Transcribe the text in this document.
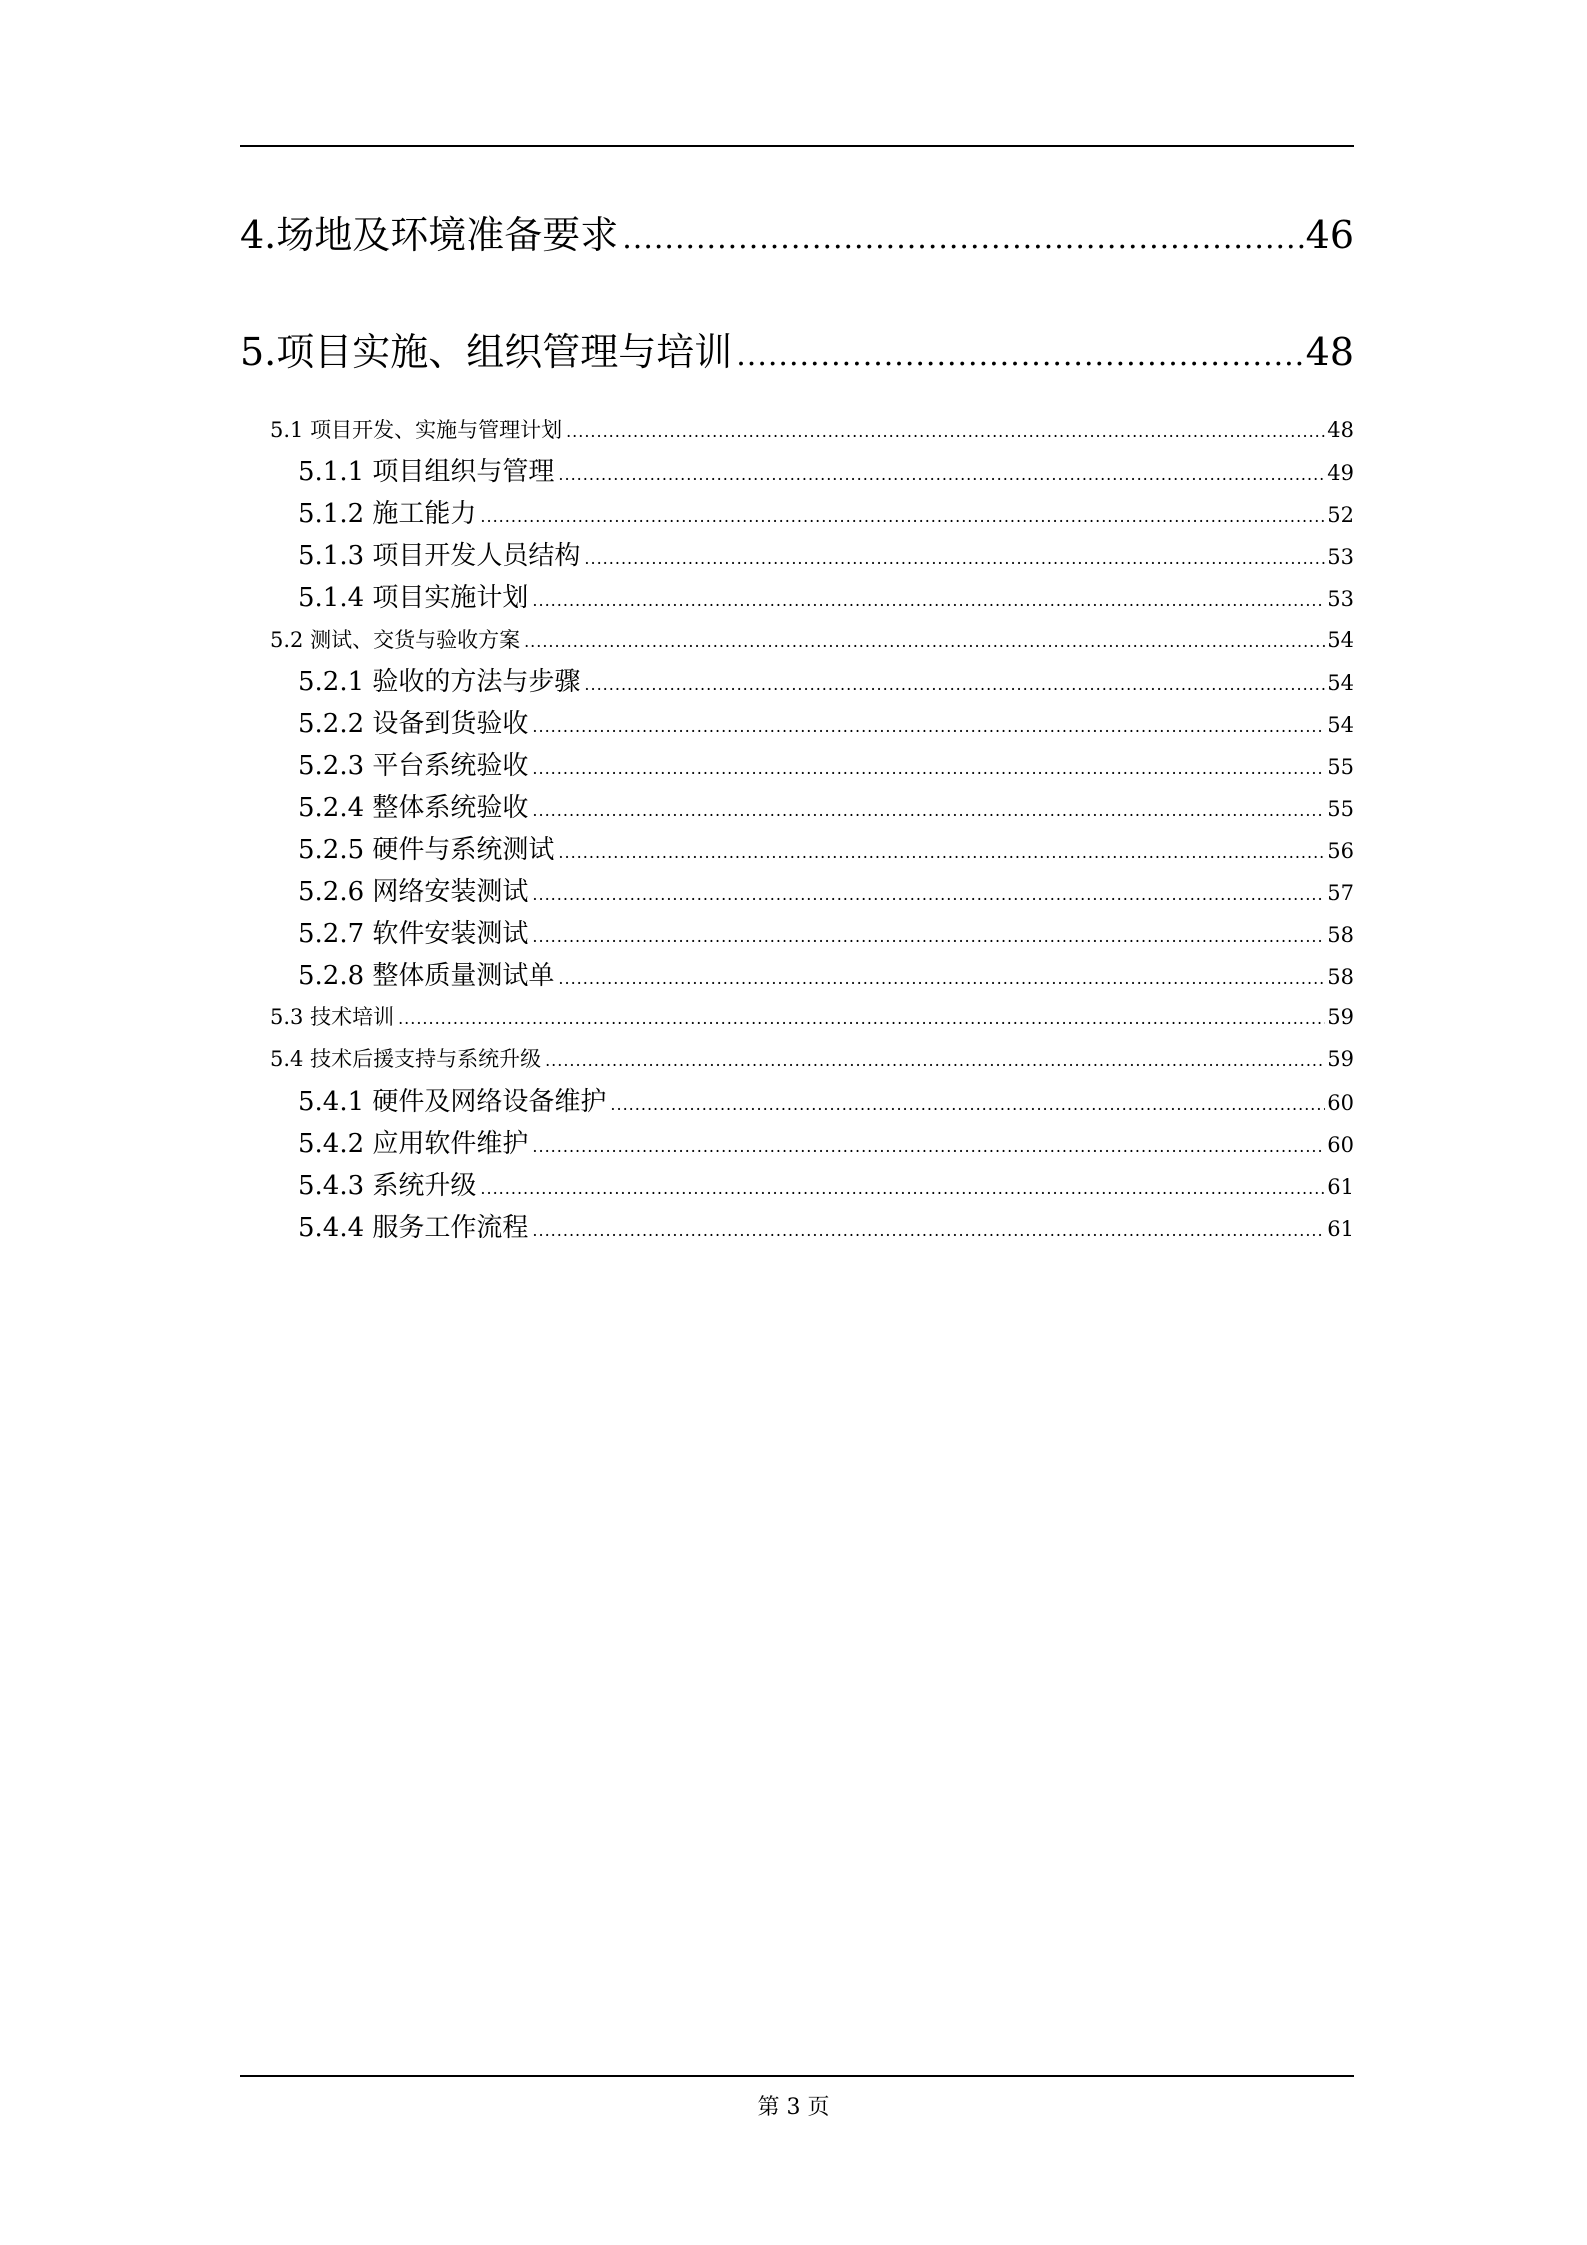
4.场地及环境准备要求 .....	46
5.项目实施、组织管理与培训 .....	48
5.1 项目开发、实施与管理计划 .....	48
5.1.1 项目组织与管理 .....	49
5.1.2 施工能力 .....	52
5.1.3 项目开发人员结构 .....	53
5.1.4 项目实施计划 .....	53
5.2 测试、交货与验收方案 .....	54
5.2.1 验收的方法与步骤 .....	54
5.2.2 设备到货验收 .....	54
5.2.3 平台系统验收 .....	55
5.2.4 整体系统验收 .....	55
5.2.5 硬件与系统测试 .....	56
5.2.6 网络安装测试 .....	57
5.2.7 软件安装测试 .....	58
5.2.8 整体质量测试单 .....	58
5.3 技术培训 .....	59
5.4 技术后援支持与系统升级 .....	59
5.4.1 硬件及网络设备维护 .....	60
5.4.2 应用软件维护 .....	60
5.4.3 系统升级 .....	61
5.4.4 服务工作流程 .....	61
第 3 页
